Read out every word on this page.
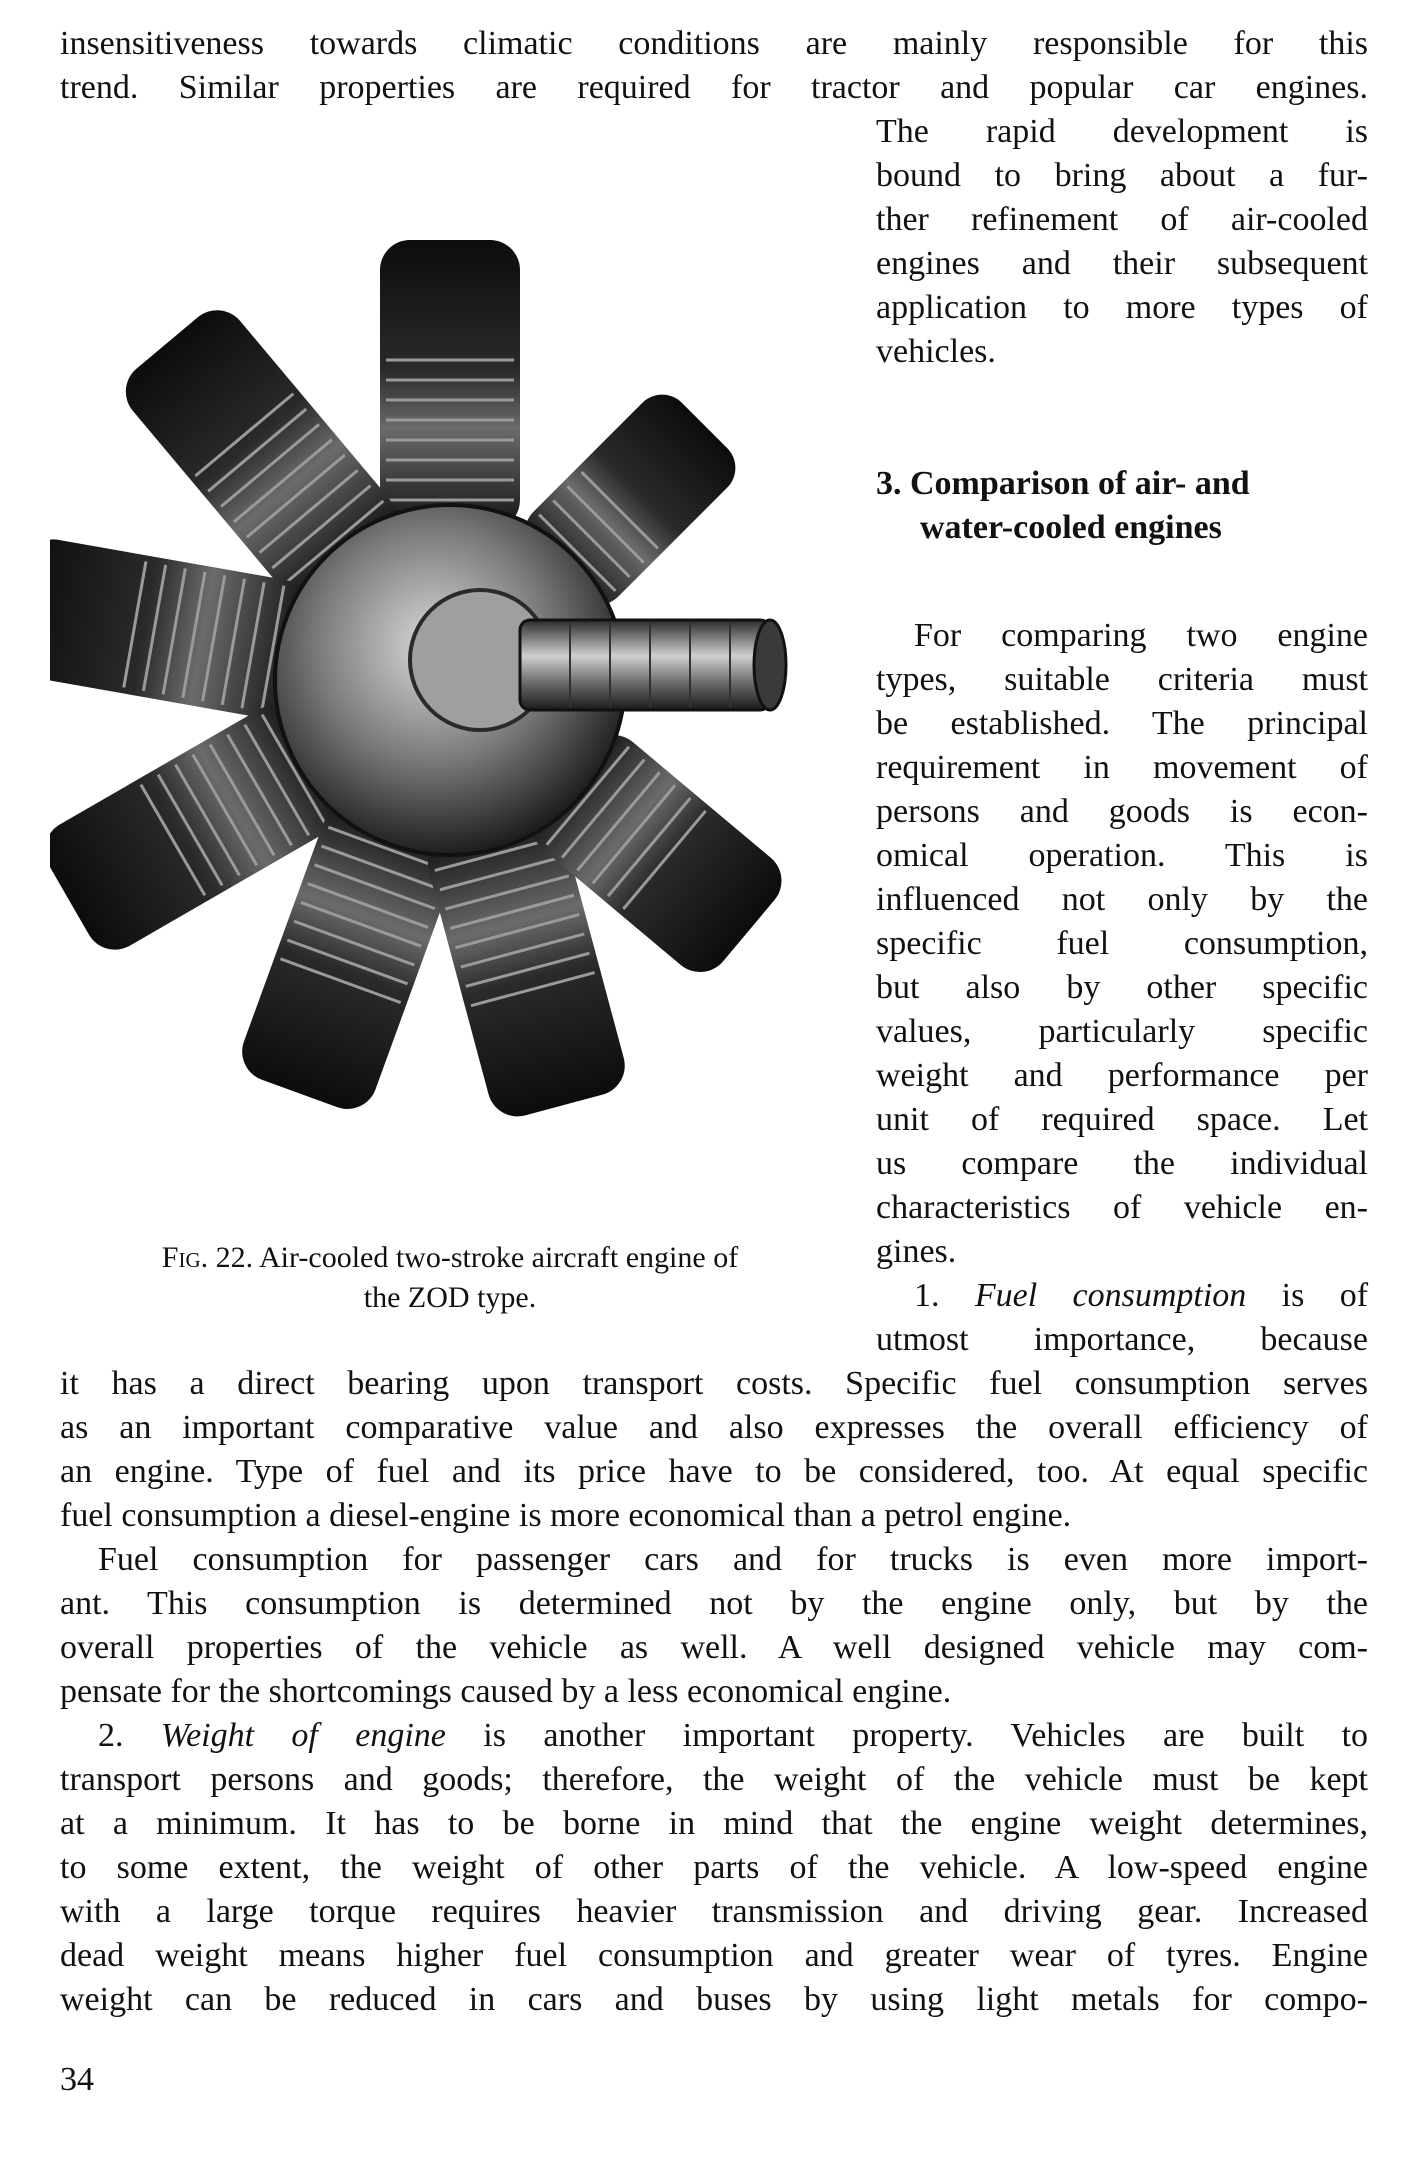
insensitiveness towards climatic conditions are mainly responsible for this

trend. Similar properties are required for tractor and popular car engines.

The rapid development is

bound to bring about a fur-

ther refinement of air-cooled

engines and their subsequent

application to more types of

vehicles.

3. Comparison of air- and
water-cooled engines

For comparing two engine

types, suitable criteria must

be established. The principal

requirement in movement of

persons and goods is econ-

omical operation. This is

influenced not only by the

specific fuel consumption,

but also by other specific

values, particularly specific

weight and performance per

unit of required space. Let

us compare the individual

characteristics of vehicle en-

gines.

1. Fuel consumption is of

utmost importance, because

Fig. 22. Air-cooled two-stroke aircraft engine of
the ZOD type.

it has a direct bearing upon transport costs. Specific fuel consumption serves

as an important comparative value and also expresses the overall efficiency of

an engine. Type of fuel and its price have to be considered, too. At equal specific

fuel consumption a diesel-engine is more economical than a petrol engine.

Fuel consumption for passenger cars and for trucks is even more import-

ant. This consumption is determined not by the engine only, but by the

overall properties of the vehicle as well. A well designed vehicle may com-

pensate for the shortcomings caused by a less economical engine.

2. Weight of engine is another important property. Vehicles are built to

transport persons and goods; therefore, the weight of the vehicle must be kept

at a minimum. It has to be borne in mind that the engine weight determines,

to some extent, the weight of other parts of the vehicle. A low-speed engine

with a large torque requires heavier transmission and driving gear. Increased

dead weight means higher fuel consumption and greater wear of tyres. Engine

weight can be reduced in cars and buses by using light metals for compo-

34
